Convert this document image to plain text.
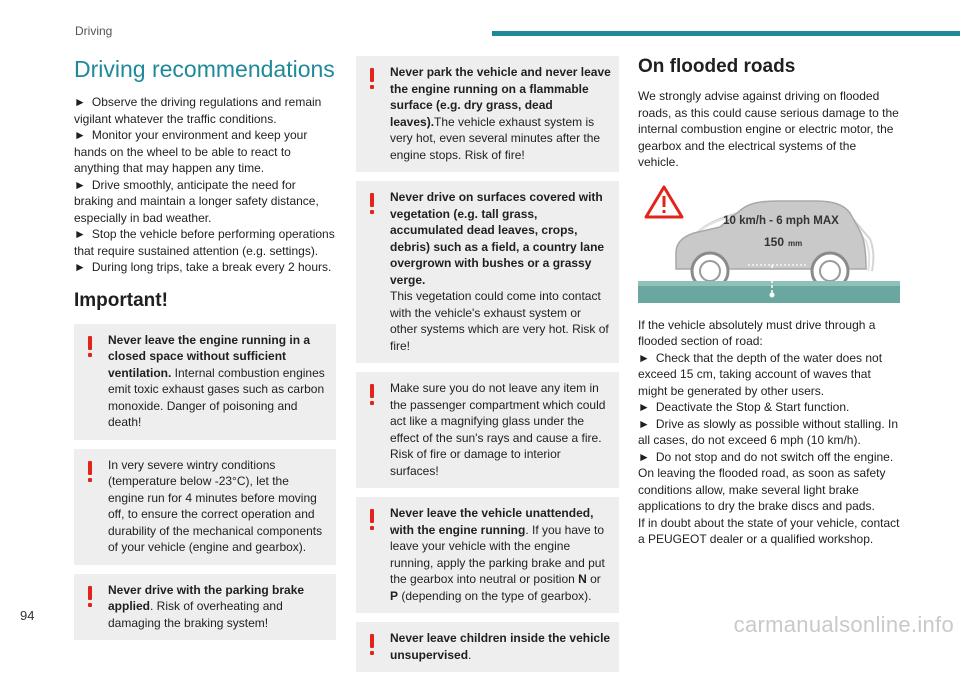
Driving
Driving recommendations

► Observe the driving regulations and remain vigilant whatever the traffic conditions.

► Monitor your environment and keep your hands on the wheel to be able to react to anything that may happen any time.

► Drive smoothly, anticipate the need for braking and maintain a longer safety distance, especially in bad weather.

► Stop the vehicle before performing operations that require sustained attention (e.g. settings).

► During long trips, take a break every 2 hours.

Important!
Never leave the engine running in a closed space without sufficient ventilation. Internal combustion engines emit toxic exhaust gases such as carbon monoxide. Danger of poisoning and death!
In very severe wintry conditions (temperature below -23°C), let the engine run for 4 minutes before moving off, to ensure the correct operation and durability of the mechanical components of your vehicle (engine and gearbox).
Never drive with the parking brake applied. Risk of overheating and damaging the braking system!
Never park the vehicle and never leave the engine running on a flammable surface (e.g. dry grass, dead leaves).The vehicle exhaust system is very hot, even several minutes after the engine stops. Risk of fire!
Never drive on surfaces covered with vegetation (e.g. tall grass, accumulated dead leaves, crops, debris) such as a field, a country lane overgrown with bushes or a grassy verge.
This vegetation could come into contact with the vehicle's exhaust system or other systems which are very hot. Risk of fire!
Make sure you do not leave any item in the passenger compartment which could act like a magnifying glass under the effect of the sun's rays and cause a fire. Risk of fire or damage to interior surfaces!
Never leave the vehicle unattended, with the engine running. If you have to leave your vehicle with the engine running, apply the parking brake and put the gearbox into neutral or position N or P (depending on the type of gearbox).
Never leave children inside the vehicle unsupervised.
On flooded roads

We strongly advise against driving on flooded roads, as this could cause serious damage to the internal combustion engine or electric motor, the gearbox and the electrical systems of the vehicle.

10 km/h - 6 mph MAX
150 mm

If the vehicle absolutely must drive through a flooded section of road:

► Check that the depth of the water does not exceed 15 cm, taking account of waves that might be generated by other users.

► Deactivate the Stop & Start function.

► Drive as slowly as possible without stalling. In all cases, do not exceed 6 mph (10 km/h).

► Do not stop and do not switch off the engine.

On leaving the flooded road, as soon as safety conditions allow, make several light brake applications to dry the brake discs and pads.

If in doubt about the state of your vehicle, contact a PEUGEOT dealer or a qualified workshop.

94	carmanualsonline.info
